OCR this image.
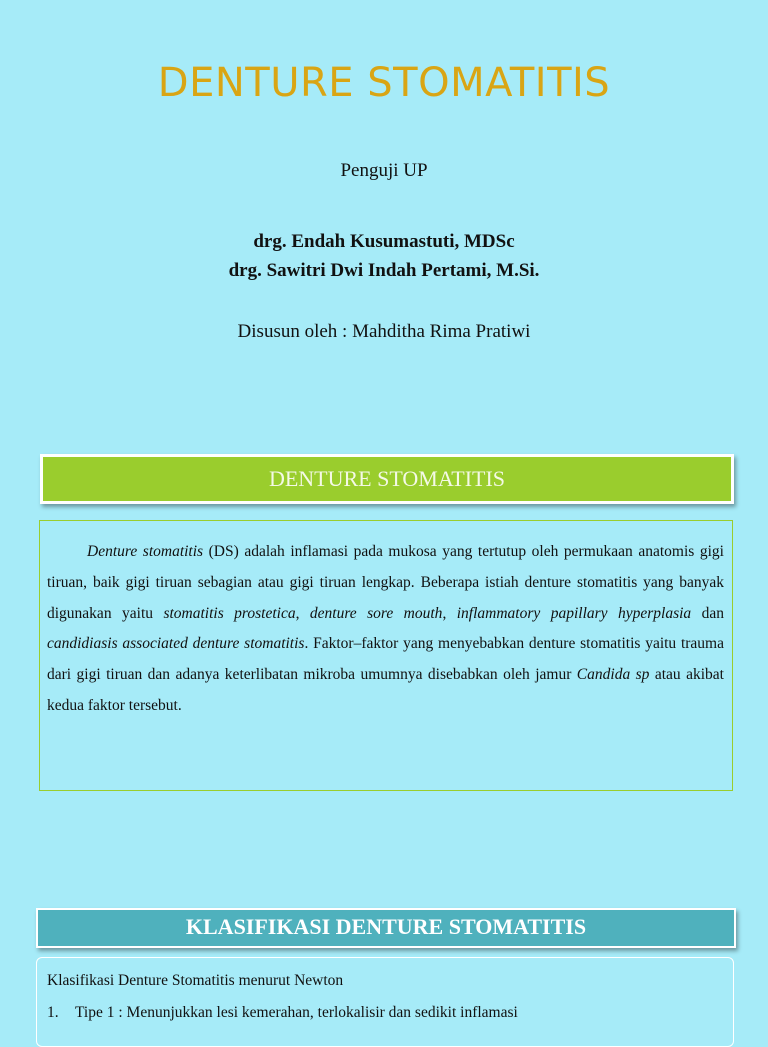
DENTURE STOMATITIS
Penguji UP
drg. Endah Kusumastuti, MDSc
drg. Sawitri Dwi Indah Pertami, M.Si.
Disusun oleh : Mahditha Rima Pratiwi
DENTURE STOMATITIS

Denture stomatitis (DS) adalah inflamasi pada mukosa yang tertutup oleh permukaan anatomis gigi tiruan, baik gigi tiruan sebagian atau gigi tiruan lengkap. Beberapa istiah denture stomatitis yang banyak digunakan yaitu stomatitis prostetica, denture sore mouth, inflammatory papillary hyperplasia dan candidiasis associated denture stomatitis. Faktor–faktor yang menyebabkan denture stomatitis yaitu trauma dari gigi tiruan dan adanya keterlibatan mikroba umumnya disebabkan oleh jamur Candida sp atau akibat kedua faktor tersebut.

KLASIFIKASI DENTURE STOMATITIS

Klasifikasi Denture Stomatitis menurut Newton

1. Tipe 1 : Menunjukkan lesi kemerahan, terlokalisir dan sedikit inflamasi
